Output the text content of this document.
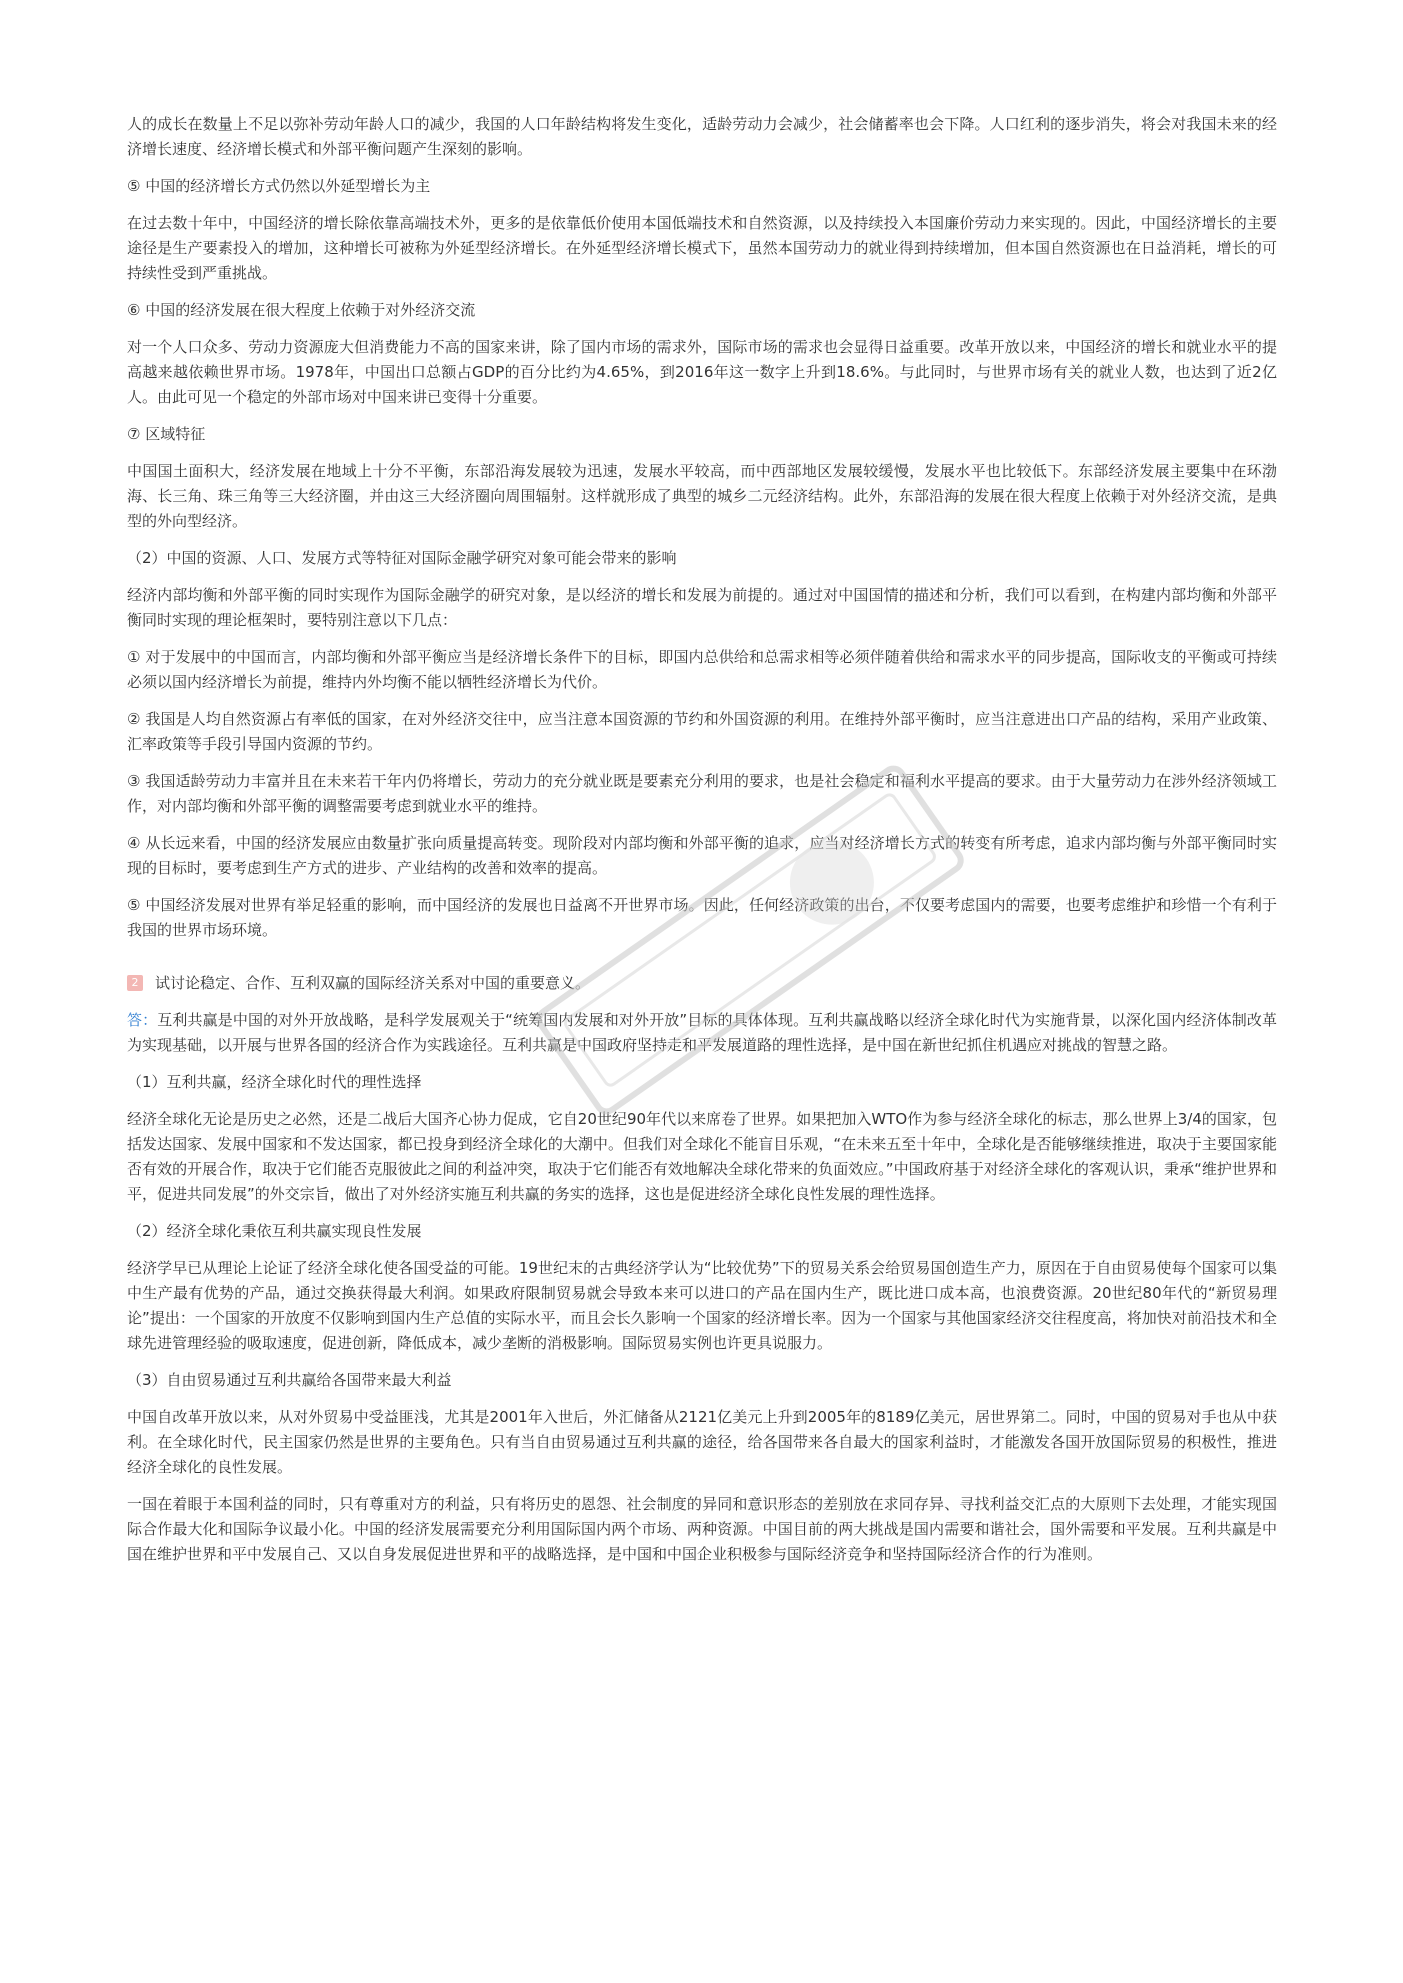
人的成长在数量上不足以弥补劳动年龄人口的减少，我国的人口年龄结构将发生变化，适龄劳动力会减少，社会储蓄率也会下降。人口红利的逐步消失，将会对我国未来的经济增长速度、经济增长模式和外部平衡问题产生深刻的影响。

⑤ 中国的经济增长方式仍然以外延型增长为主

在过去数十年中，中国经济的增长除依靠高端技术外，更多的是依靠低价使用本国低端技术和自然资源，以及持续投入本国廉价劳动力来实现的。因此，中国经济增长的主要途径是生产要素投入的增加，这种增长可被称为外延型经济增长。在外延型经济增长模式下，虽然本国劳动力的就业得到持续增加，但本国自然资源也在日益消耗，增长的可持续性受到严重挑战。

⑥ 中国的经济发展在很大程度上依赖于对外经济交流

对一个人口众多、劳动力资源庞大但消费能力不高的国家来讲，除了国内市场的需求外，国际市场的需求也会显得日益重要。改革开放以来，中国经济的增长和就业水平的提高越来越依赖世界市场。1978年，中国出口总额占GDP的百分比约为4.65%，到2016年这一数字上升到18.6%。与此同时，与世界市场有关的就业人数，也达到了近2亿人。由此可见一个稳定的外部市场对中国来讲已变得十分重要。

⑦ 区域特征

中国国土面积大，经济发展在地域上十分不平衡，东部沿海发展较为迅速，发展水平较高，而中西部地区发展较缓慢，发展水平也比较低下。东部经济发展主要集中在环渤海、长三角、珠三角等三大经济圈，并由这三大经济圈向周围辐射。这样就形成了典型的城乡二元经济结构。此外，东部沿海的发展在很大程度上依赖于对外经济交流，是典型的外向型经济。

（2）中国的资源、人口、发展方式等特征对国际金融学研究对象可能会带来的影响

经济内部均衡和外部平衡的同时实现作为国际金融学的研究对象，是以经济的增长和发展为前提的。通过对中国国情的描述和分析，我们可以看到，在构建内部均衡和外部平衡同时实现的理论框架时，要特别注意以下几点：

① 对于发展中的中国而言，内部均衡和外部平衡应当是经济增长条件下的目标，即国内总供给和总需求相等必须伴随着供给和需求水平的同步提高，国际收支的平衡或可持续必须以国内经济增长为前提，维持内外均衡不能以牺牲经济增长为代价。

② 我国是人均自然资源占有率低的国家，在对外经济交往中，应当注意本国资源的节约和外国资源的利用。在维持外部平衡时，应当注意进出口产品的结构，采用产业政策、汇率政策等手段引导国内资源的节约。

③ 我国适龄劳动力丰富并且在未来若干年内仍将增长，劳动力的充分就业既是要素充分利用的要求，也是社会稳定和福利水平提高的要求。由于大量劳动力在涉外经济领域工作，对内部均衡和外部平衡的调整需要考虑到就业水平的维持。

④ 从长远来看，中国的经济发展应由数量扩张向质量提高转变。现阶段对内部均衡和外部平衡的追求，应当对经济增长方式的转变有所考虑，追求内部均衡与外部平衡同时实现的目标时，要考虑到生产方式的进步、产业结构的改善和效率的提高。

⑤ 中国经济发展对世界有举足轻重的影响，而中国经济的发展也日益离不开世界市场。因此，任何经济政策的出台，不仅要考虑国内的需要，也要考虑维护和珍惜一个有利于我国的世界市场环境。

2	试讨论稳定、合作、互利双赢的国际经济关系对中国的重要意义。

答：互利共赢是中国的对外开放战略，是科学发展观关于“统筹国内发展和对外开放”目标的具体体现。互利共赢战略以经济全球化时代为实施背景，以深化国内经济体制改革为实现基础，以开展与世界各国的经济合作为实践途径。互利共赢是中国政府坚持走和平发展道路的理性选择，是中国在新世纪抓住机遇应对挑战的智慧之路。

（1）互利共赢，经济全球化时代的理性选择

经济全球化无论是历史之必然，还是二战后大国齐心协力促成，它自20世纪90年代以来席卷了世界。如果把加入WTO作为参与经济全球化的标志，那么世界上3/4的国家，包括发达国家、发展中国家和不发达国家，都已投身到经济全球化的大潮中。但我们对全球化不能盲目乐观，“在未来五至十年中，全球化是否能够继续推进，取决于主要国家能否有效的开展合作，取决于它们能否克服彼此之间的利益冲突，取决于它们能否有效地解决全球化带来的负面效应。”中国政府基于对经济全球化的客观认识，秉承“维护世界和平，促进共同发展”的外交宗旨，做出了对外经济实施互利共赢的务实的选择，这也是促进经济全球化良性发展的理性选择。

（2）经济全球化秉依互利共赢实现良性发展

经济学早已从理论上论证了经济全球化使各国受益的可能。19世纪末的古典经济学认为“比较优势”下的贸易关系会给贸易国创造生产力，原因在于自由贸易使每个国家可以集中生产最有优势的产品，通过交换获得最大利润。如果政府限制贸易就会导致本来可以进口的产品在国内生产，既比进口成本高，也浪费资源。20世纪80年代的“新贸易理论”提出：一个国家的开放度不仅影响到国内生产总值的实际水平，而且会长久影响一个国家的经济增长率。因为一个国家与其他国家经济交往程度高，将加快对前沿技术和全球先进管理经验的吸取速度，促进创新，降低成本，减少垄断的消极影响。国际贸易实例也许更具说服力。

（3）自由贸易通过互利共赢给各国带来最大利益

中国自改革开放以来，从对外贸易中受益匪浅，尤其是2001年入世后，外汇储备从2121亿美元上升到2005年的8189亿美元，居世界第二。同时，中国的贸易对手也从中获利。在全球化时代，民主国家仍然是世界的主要角色。只有当自由贸易通过互利共赢的途径，给各国带来各自最大的国家利益时，才能激发各国开放国际贸易的积极性，推进经济全球化的良性发展。

一国在着眼于本国利益的同时，只有尊重对方的利益，只有将历史的恩怨、社会制度的异同和意识形态的差别放在求同存异、寻找利益交汇点的大原则下去处理，才能实现国际合作最大化和国际争议最小化。中国的经济发展需要充分利用国际国内两个市场、两种资源。中国目前的两大挑战是国内需要和谐社会，国外需要和平发展。互利共赢是中国在维护世界和平中发展自己、又以自身发展促进世界和平的战略选择，是中国和中国企业积极参与国际经济竞争和坚持国际经济合作的行为准则。
